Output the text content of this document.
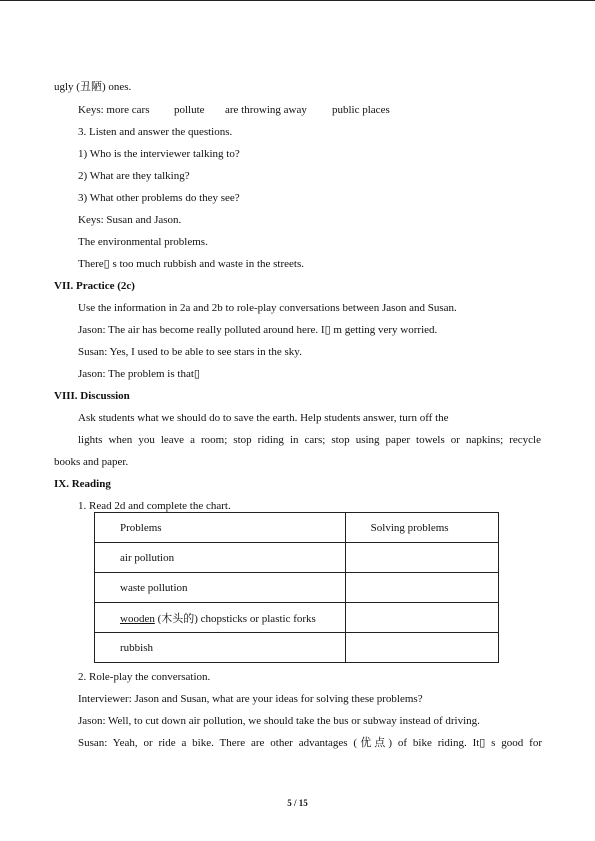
ugly (丑陋) ones.
Keys: more cars pollute are throwing away public places
3. Listen and answer the questions.
1) Who is the interviewer talking to?
2) What are they talking?
3) What other problems do they see?
Keys: Susan and Jason.
The environmental problems.
There▯ s too much rubbish and waste in the streets.
VII. Practice (2c)
Use the information in 2a and 2b to role-play conversations between Jason and Susan.
Jason: The air has become really polluted around here. I▯ m getting very worried.
Susan: Yes, I used to be able to see stars in the sky.
Jason: The problem is that▯
VIII. Discussion
Ask students what we should do to save the earth. Help students answer, turn off the
lights when you leave a room; stop riding in cars; stop using paper towels or napkins; recycle
books and paper.
IX. Reading
1. Read 2d and complete the chart.
Problems	Solving problems
air pollution	
waste pollution	
wooden (木头的) chopsticks or plastic forks	
rubbish	
2. Role-play the conversation.
Interviewer: Jason and Susan, what are your ideas for solving these problems?
Jason: Well, to cut down air pollution, we should take the bus or subway instead of driving.
Susan: Yeah, or ride a bike. There are other advantages (优点) of bike riding. It▯ s good for
5 / 15
